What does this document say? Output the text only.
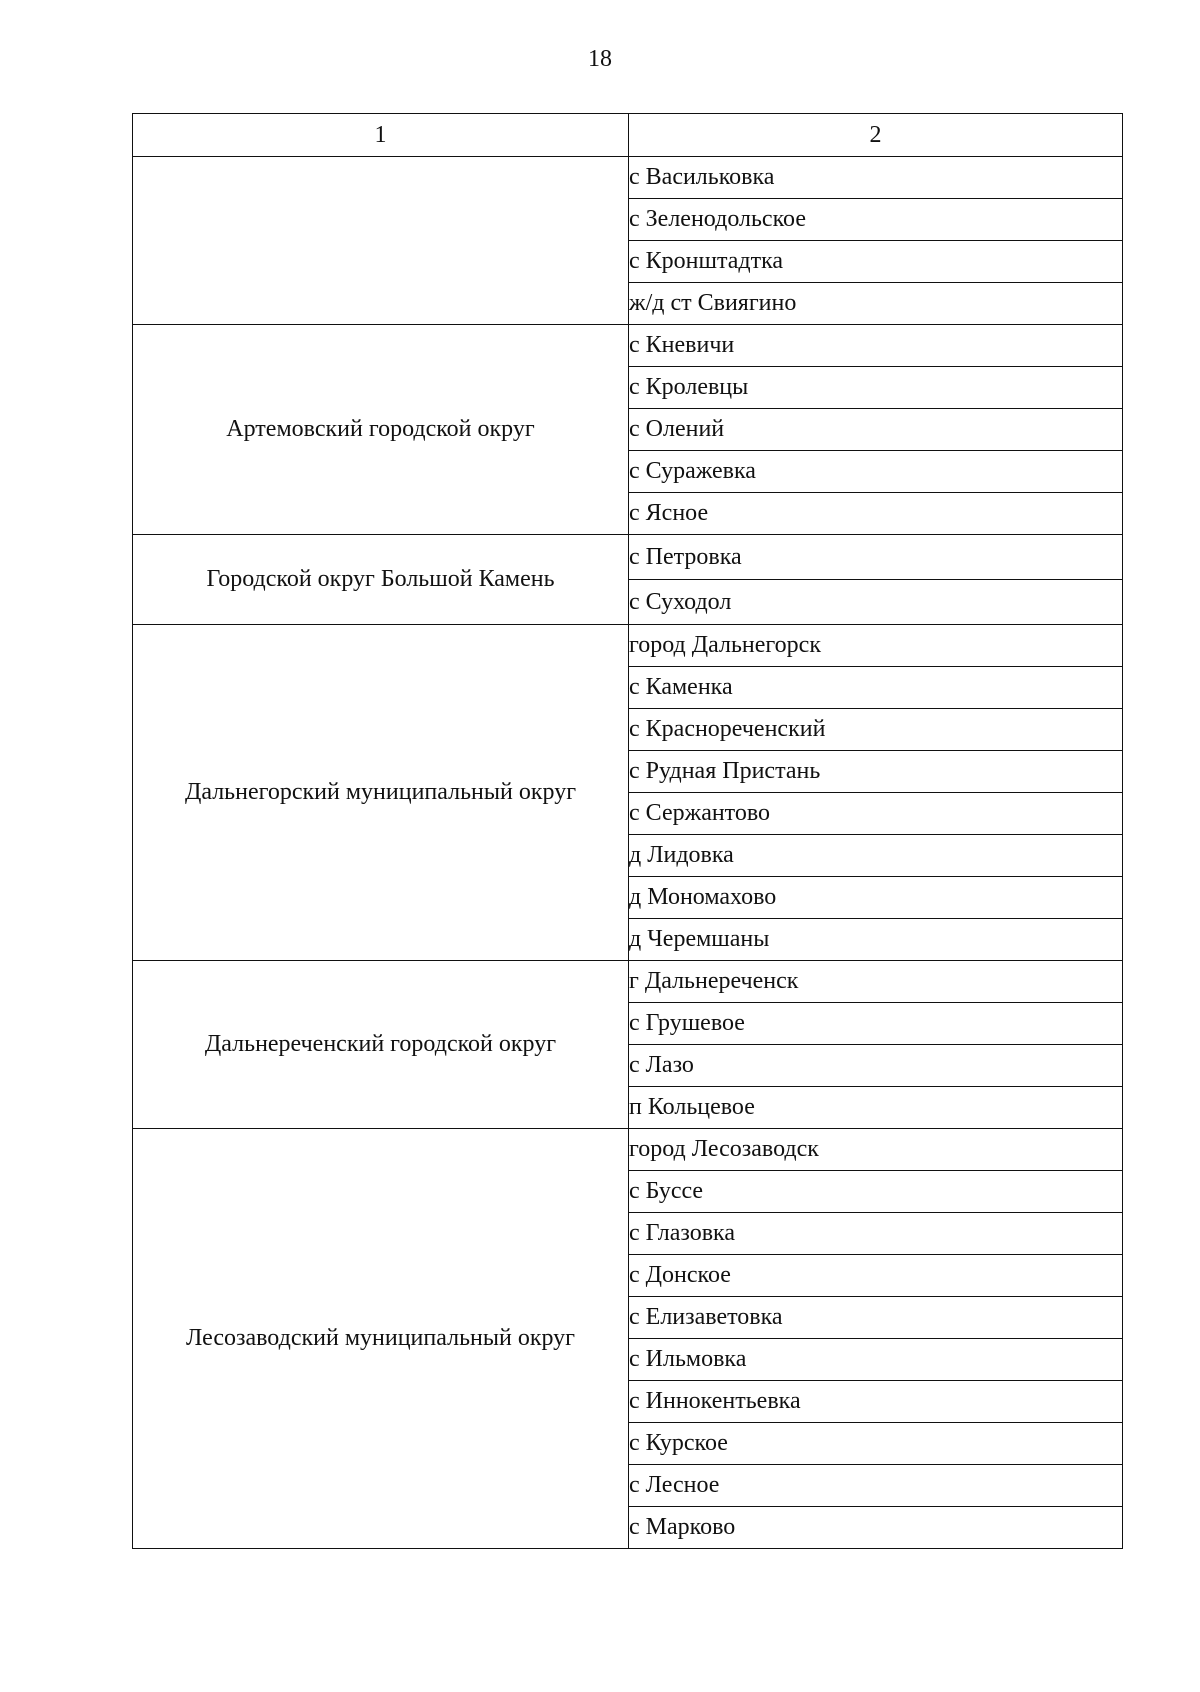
18
1	2
	с Васильковка
	с Зеленодольское
	с Кронштадтка
	ж/д ст Свиягино
Артемовский городской округ	с Кневичи
	с Кролевцы
	с Олений
	с Суражевка
	с Ясное
Городской округ Большой Камень	с Петровка
	с Суходол
Дальнегорский муниципальный округ	город Дальнегорск
	с Каменка
	с Краснореченский
	с Рудная Пристань
	с Сержантово
	д Лидовка
	д Мономахово
	д Черемшаны
Дальнереченский городской округ	г Дальнереченск
	с Грушевое
	с Лазо
	п Кольцевое
Лесозаводский муниципальный округ	город Лесозаводск
	с Буссе
	с Глазовка
	с Донское
	с Елизаветовка
	с Ильмовка
	с Иннокентьевка
	с Курское
	с Лесное
	с Марково
